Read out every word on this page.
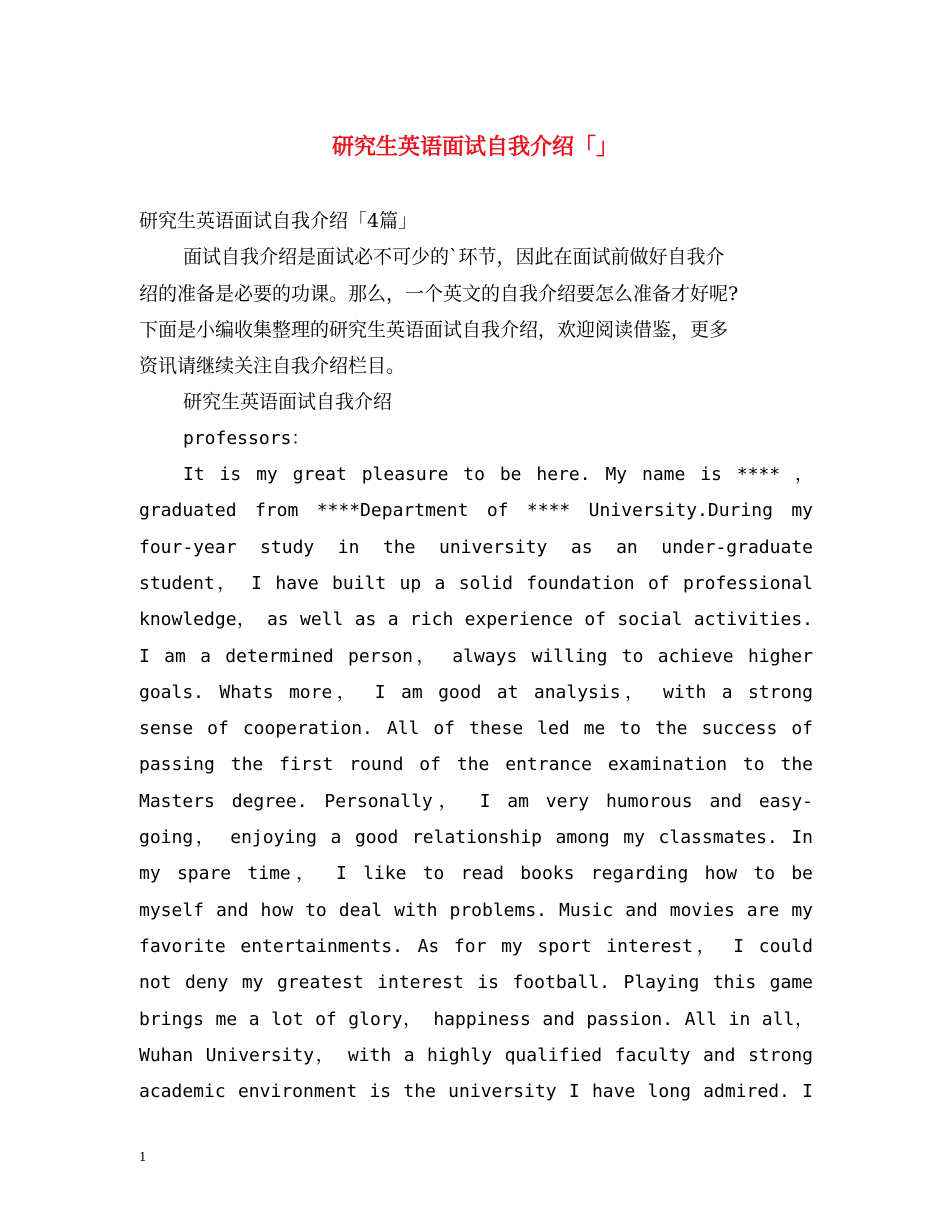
研究生英语面试自我介绍「」
研究生英语面试自我介绍「4篇」
面试自我介绍是面试必不可少的`环节，因此在面试前做好自我介
绍的准备是必要的功课。那么，一个英文的自我介绍要怎么准备才好呢?
下面是小编收集整理的研究生英语面试自我介绍，欢迎阅读借鉴，更多
资讯请继续关注自我介绍栏目。
研究生英语面试自我介绍
professors：
It is my great pleasure to be here. My name is **** ，
graduated from ****Department of **** University.During my
four-year study in the university as an under-graduate
student， I have built up a solid foundation of professional
knowledge， as well as a rich experience of social activities.
I am a determined person， always willing to achieve higher
goals. Whats more， I am good at analysis， with a strong
sense of cooperation. All of these led me to the success of
passing the first round of the entrance examination to the
Masters degree. Personally， I am very humorous and easy-
going， enjoying a good relationship among my classmates. In
my spare time， I like to read books regarding how to be
myself and how to deal with problems. Music and movies are my
favorite entertainments. As for my sport interest， I could
not deny my greatest interest is football. Playing this game
brings me a lot of glory， happiness and passion. All in all，
Wuhan University， with a highly qualified faculty and strong
academic environment is the university I have long admired. I
1
